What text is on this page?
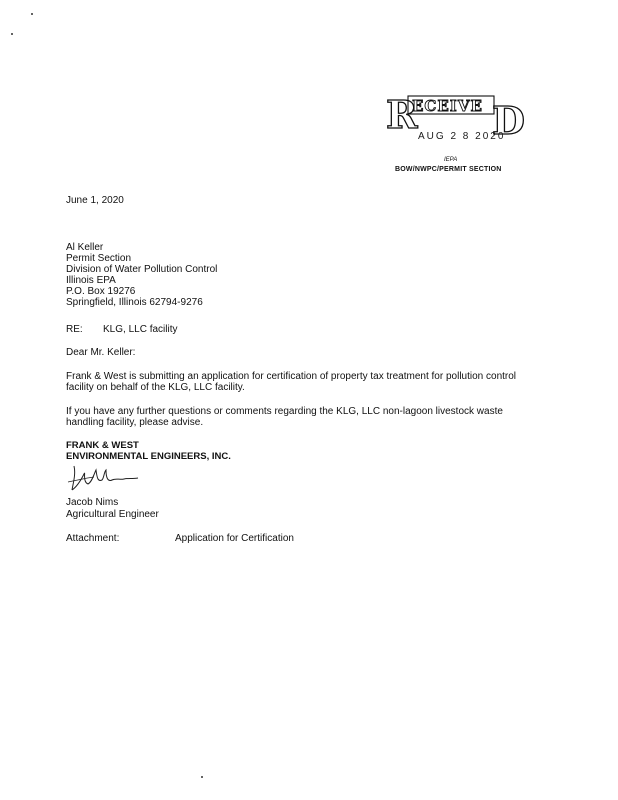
R
ECEIVE D
AUG 2 8 2020
IEPA
BOW/NWPC/PERMIT SECTION
June 1, 2020
Al Keller
Permit Section
Division of Water Pollution Control
Illinois EPA
P.O. Box 19276
Springfield, Illinois 62794-9276
RE: KLG, LLC facility
Dear Mr. Keller:
Frank & West is submitting an application for certification of property tax treatment for pollution control facility on behalf of the KLG, LLC facility.
If you have any further questions or comments regarding the KLG, LLC non-lagoon livestock waste handling facility, please advise.
FRANK & WEST
ENVIRONMENTAL ENGINEERS, INC.
Jacob Nims
Agricultural Engineer
Attachment:	Application for Certification
